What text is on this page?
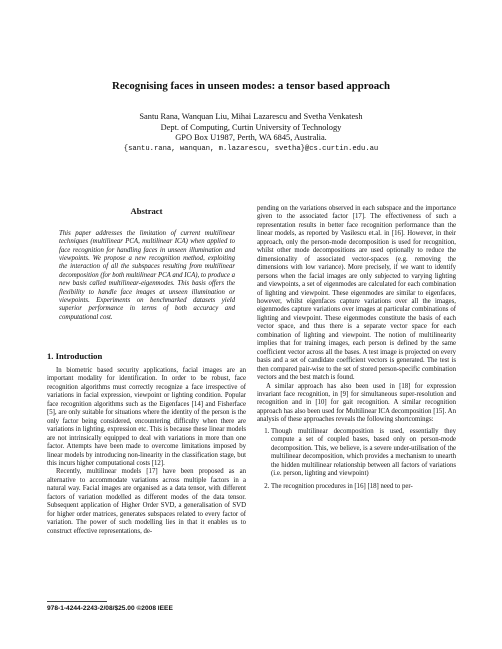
Recognising faces in unseen modes: a tensor based approach
Santu Rana, Wanquan Liu, Mihai Lazarescu and Svetha Venkatesh
Dept. of Computing, Curtin University of Technology
GPO Box U1987, Perth, WA 6845, Australia.
{santu.rana, wanquan, m.lazarescu, svetha}@cs.curtin.edu.au
Abstract

This paper addresses the limitation of current multilinear techniques (multilinear PCA, multilinear ICA) when applied to face recognition for handling faces in unseen illumination and viewpoints. We propose a new recognition method, exploiting the interaction of all the subspaces resulting from multilinear decomposition (for both multilinear PCA and ICA), to produce a new basis called multilinear-eigenmodes. This basis offers the flexibility to handle face images at unseen illumination or viewpoints. Experiments on benchmarked datasets yield superior performance in terms of both accuracy and computational cost.

1. Introduction

In biometric based security applications, facial images are an important modality for identification. In order to be robust, face recognition algorithms must correctly recognize a face irrespective of variations in facial expression, viewpoint or lighting condition. Popular face recognition algorithms such as the Eigenfaces [14] and Fisherface [5], are only suitable for situations where the identity of the person is the only factor being considered, encountering difficulty when there are variations in lighting, expression etc. This is because these linear models are not intrinsically equipped to deal with variations in more than one factor. Attempts have been made to overcome limitations imposed by linear models by introducing non-linearity in the classification stage, but this incurs higher computational costs [12].

Recently, multilinear models [17] have been proposed as an alternative to accommodate variations across multiple factors in a natural way. Facial images are organised as a data tensor, with different factors of variation modelled as different modes of the data tensor. Subsequent application of Higher Order SVD, a generalisation of SVD for higher order matrices, generates subspaces related to every factor of variation. The power of such modelling lies in that it enables us to construct effective representations, de-

pending on the variations observed in each subspace and the importance given to the associated factor [17]. The effectiveness of such a representation results in better face recognition performance than the linear models, as reported by Vasilescu et.al. in [16]. However, in their approach, only the person-mode decomposition is used for recognition, whilst other mode decompositions are used optionally to reduce the dimensionality of associated vector-spaces (e.g. removing the dimensions with low variance). More precisely, if we want to identify persons when the facial images are only subjected to varying lighting and viewpoints, a set of eigenmodes are calculated for each combination of lighting and viewpoint. These eigenmodes are similar to eigenfaces, however, whilst eigenfaces capture variations over all the images, eigenmodes capture variations over images at particular combinations of lighting and viewpoint. These eigenmodes constitute the basis of each vector space, and thus there is a separate vector space for each combination of lighting and viewpoint. The notion of multilinearity implies that for training images, each person is defined by the same coefficient vector across all the bases. A test image is projected on every basis and a set of candidate coefficient vectors is generated. The test is then compared pair-wise to the set of stored person-specific combination vectors and the best match is found.

A similar approach has also been used in [18] for expression invariant face recognition, in [9] for simultaneous super-resolution and recognition and in [10] for gait recognition. A similar recognition approach has also been used for Multilinear ICA decomposition [15]. An analysis of these approaches reveals the following shortcomings:

1. Though multilinear decomposition is used, essentially they compute a set of coupled bases, based only on person-mode decomposition. This, we believe, is a severe under-utilisation of the multilinear decomposition, which provides a mechanism to unearth the hidden multilinear relationship between all factors of variations (i.e. person, lighting and viewpoint)
2. The recognition procedures in [16] [18] need to per-
978-1-4244-2243-2/08/$25.00 ©2008 IEEE
